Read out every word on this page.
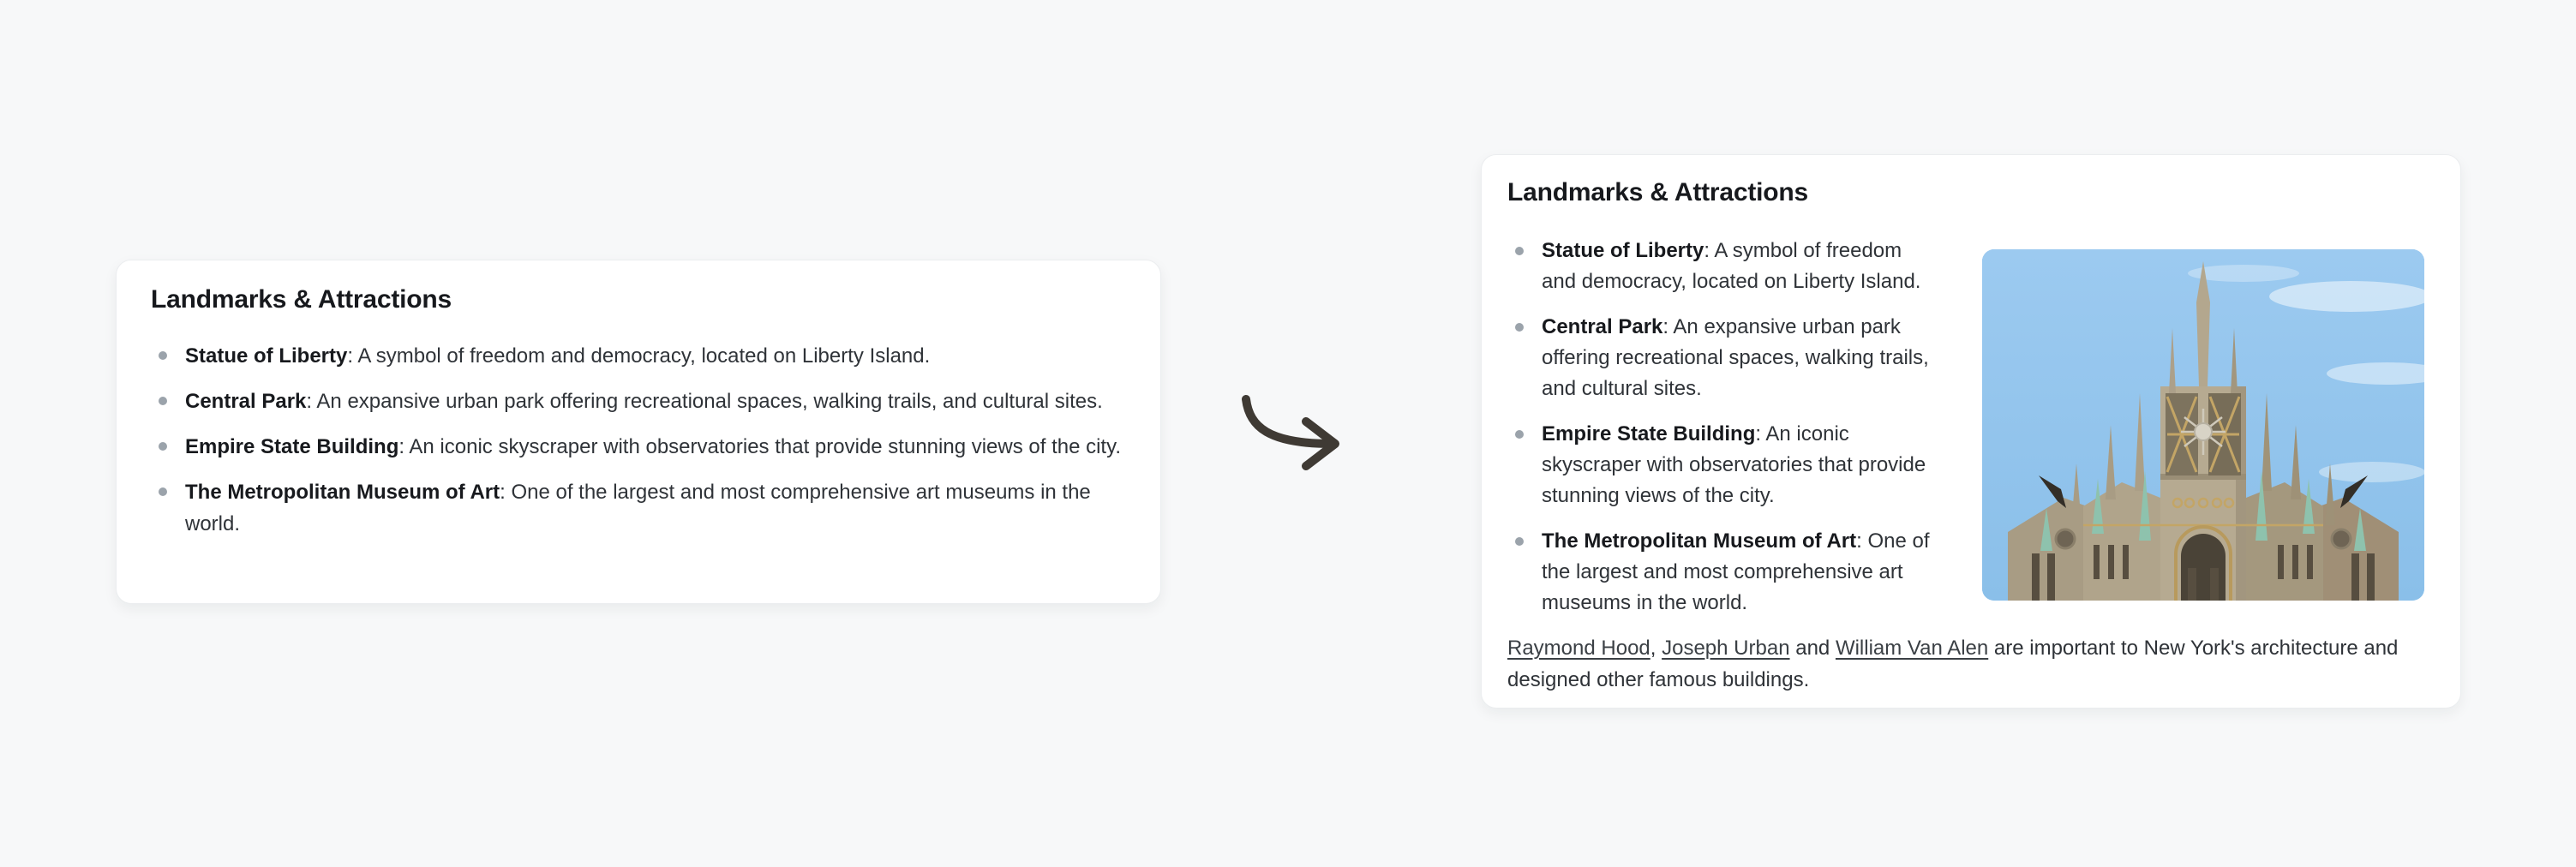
Landmarks & Attractions
Statue of Liberty: A symbol of freedom and democracy, located on Liberty Island.
Central Park: An expansive urban park offering recreational spaces, walking trails, and cultural sites.
Empire State Building: An iconic skyscraper with observatories that provide stunning views of the city.
The Metropolitan Museum of Art: One of the largest and most comprehensive art museums in the world.
Landmarks & Attractions
Statue of Liberty: A symbol of freedom and democracy, located on Liberty Island.
Central Park: An expansive urban park offering recreational spaces, walking trails, and cultural sites.
Empire State Building: An iconic skyscraper with observatories that provide stunning views of the city.
The Metropolitan Museum of Art: One of the largest and most comprehensive art museums in the world.

Raymond Hood, Joseph Urban and William Van Alen are important to New York's architecture and designed other famous buildings.
